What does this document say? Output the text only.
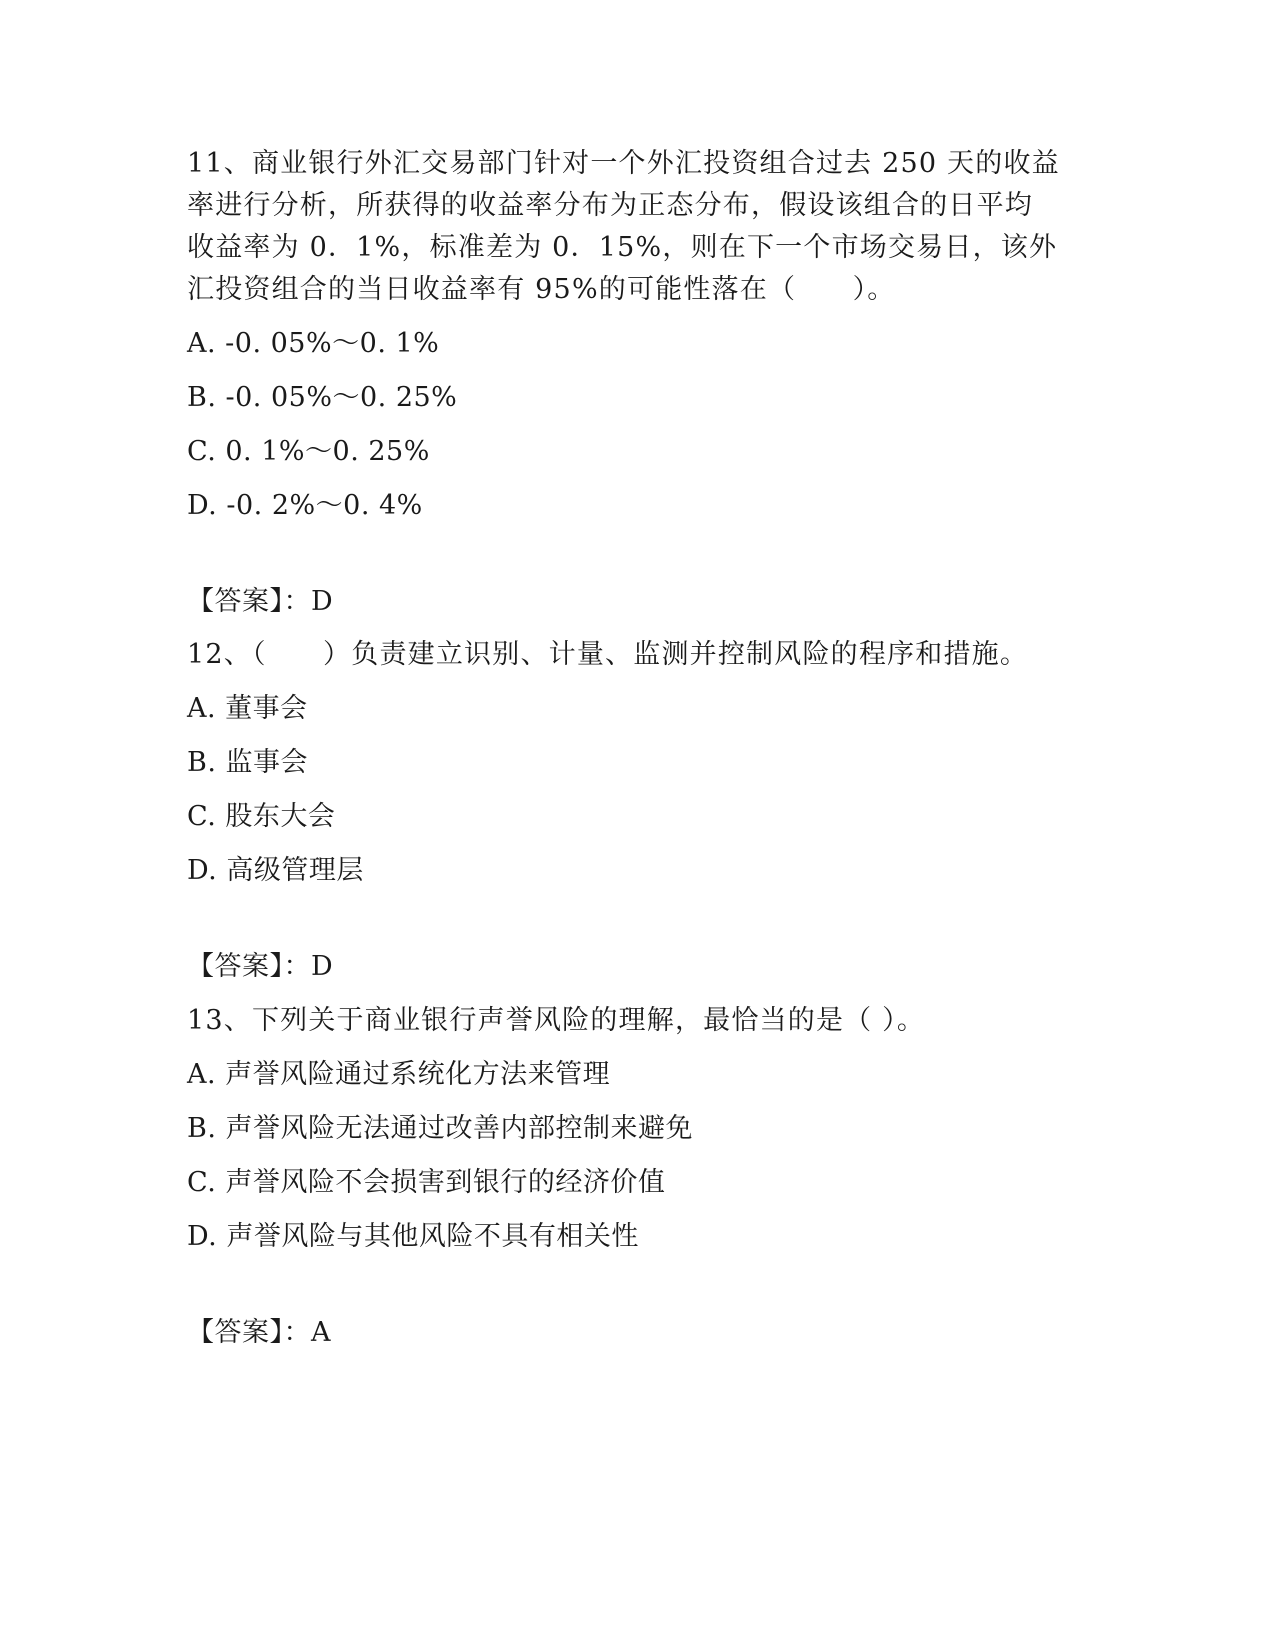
11、商业银行外汇交易部门针对一个外汇投资组合过去 250 天的收益
率进行分析，所获得的收益率分布为正态分布，假设该组合的日平均
收益率为 0．1%，标准差为 0．15%，则在下一个市场交易日，该外
汇投资组合的当日收益率有 95%的可能性落在（　　）。
A. -0. 05%～0. 1%
B. -0. 05%～0. 25%
C. 0. 1%～0. 25%
D. -0. 2%～0. 4%
【答案】：D
12、（　　）负责建立识别、计量、监测并控制风险的程序和措施。
A. 董事会
B. 监事会
C. 股东大会
D. 高级管理层
【答案】：D
13、下列关于商业银行声誉风险的理解，最恰当的是（ ）。
A. 声誉风险通过系统化方法来管理
B. 声誉风险无法通过改善内部控制来避免
C. 声誉风险不会损害到银行的经济价值
D. 声誉风险与其他风险不具有相关性
【答案】：A
